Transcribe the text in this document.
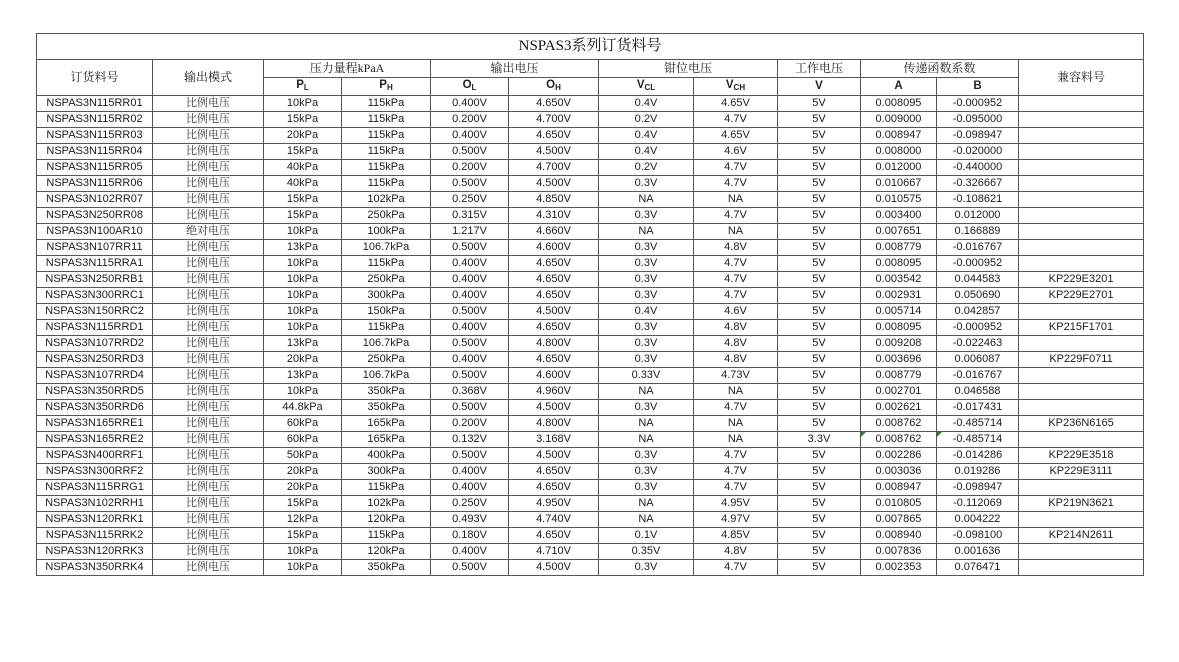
NSPAS3系列订货料号											
订货料号	输出模式	压力量程kPaA		输出电压		钳位电压		工作电压	传递函数系数		兼容料号
		$P_L$	$P_H$	$O_L$	$O_H$	$V_{CL}$	$V_{CH}$	V	A	B	
NSPAS3N115RR01	比例电压	10kPa	115kPa	0.400V	4.650V	0.4V	4.65V	5V	0.008095	-0.000952	
NSPAS3N115RR02	比例电压	15kPa	115kPa	0.200V	4.700V	0.2V	4.7V	5V	0.009000	-0.095000	
NSPAS3N115RR03	比例电压	20kPa	115kPa	0.400V	4.650V	0.4V	4.65V	5V	0.008947	-0.098947	
NSPAS3N115RR04	比例电压	15kPa	115kPa	0.500V	4.500V	0.4V	4.6V	5V	0.008000	-0.020000	
NSPAS3N115RR05	比例电压	40kPa	115kPa	0.200V	4.700V	0.2V	4.7V	5V	0.012000	-0.440000	
NSPAS3N115RR06	比例电压	40kPa	115kPa	0.500V	4.500V	0.3V	4.7V	5V	0.010667	-0.326667	
NSPAS3N102RR07	比例电压	15kPa	102kPa	0.250V	4.850V	NA	NA	5V	0.010575	-0.108621	
NSPAS3N250RR08	比例电压	15kPa	250kPa	0.315V	4.310V	0.3V	4.7V	5V	0.003400	0.012000	
NSPAS3N100AR10	绝对电压	10kPa	100kPa	1.217V	4.660V	NA	NA	5V	0.007651	0.166889	
NSPAS3N107RR11	比例电压	13kPa	106.7kPa	0.500V	4.600V	0.3V	4.8V	5V	0.008779	-0.016767	
NSPAS3N115RRA1	比例电压	10kPa	115kPa	0.400V	4.650V	0.3V	4.7V	5V	0.008095	-0.000952	
NSPAS3N250RRB1	比例电压	10kPa	250kPa	0.400V	4.650V	0.3V	4.7V	5V	0.003542	0.044583	KP229E3201
NSPAS3N300RRC1	比例电压	10kPa	300kPa	0.400V	4.650V	0.3V	4.7V	5V	0.002931	0.050690	KP229E2701
NSPAS3N150RRC2	比例电压	10kPa	150kPa	0.500V	4.500V	0.4V	4.6V	5V	0.005714	0.042857	
NSPAS3N115RRD1	比例电压	10kPa	115kPa	0.400V	4.650V	0.3V	4.8V	5V	0.008095	-0.000952	KP215F1701
NSPAS3N107RRD2	比例电压	13kPa	106.7kPa	0.500V	4.800V	0.3V	4.8V	5V	0.009208	-0.022463	
NSPAS3N250RRD3	比例电压	20kPa	250kPa	0.400V	4.650V	0.3V	4.8V	5V	0.003696	0.006087	KP229F0711
NSPAS3N107RRD4	比例电压	13kPa	106.7kPa	0.500V	4.600V	0.33V	4.73V	5V	0.008779	-0.016767	
NSPAS3N350RRD5	比例电压	10kPa	350kPa	0.368V	4.960V	NA	NA	5V	0.002701	0.046588	
NSPAS3N350RRD6	比例电压	44.8kPa	350kPa	0.500V	4.500V	0.3V	4.7V	5V	0.002621	-0.017431	
NSPAS3N165RRE1	比例电压	60kPa	165kPa	0.200V	4.800V	NA	NA	5V	0.008762	-0.485714	KP236N6165
NSPAS3N165RRE2	比例电压	60kPa	165kPa	0.132V	3.168V	NA	NA	3.3V	0.008762	-0.485714	
NSPAS3N400RRF1	比例电压	50kPa	400kPa	0.500V	4.500V	0.3V	4.7V	5V	0.002286	-0.014286	KP229E3518
NSPAS3N300RRF2	比例电压	20kPa	300kPa	0.400V	4.650V	0.3V	4.7V	5V	0.003036	0.019286	KP229E3111
NSPAS3N115RRG1	比例电压	20kPa	115kPa	0.400V	4.650V	0.3V	4.7V	5V	0.008947	-0.098947	
NSPAS3N102RRH1	比例电压	15kPa	102kPa	0.250V	4.950V	NA	4.95V	5V	0.010805	-0.112069	KP219N3621
NSPAS3N120RRK1	比例电压	12kPa	120kPa	0.493V	4.740V	NA	4.97V	5V	0.007865	0.004222	
NSPAS3N115RRK2	比例电压	15kPa	115kPa	0.180V	4.650V	0.1V	4.85V	5V	0.008940	-0.098100	KP214N2611
NSPAS3N120RRK3	比例电压	10kPa	120kPa	0.400V	4.710V	0.35V	4.8V	5V	0.007836	0.001636	
NSPAS3N350RRK4	比例电压	10kPa	350kPa	0.500V	4.500V	0.3V	4.7V	5V	0.002353	0.076471	
